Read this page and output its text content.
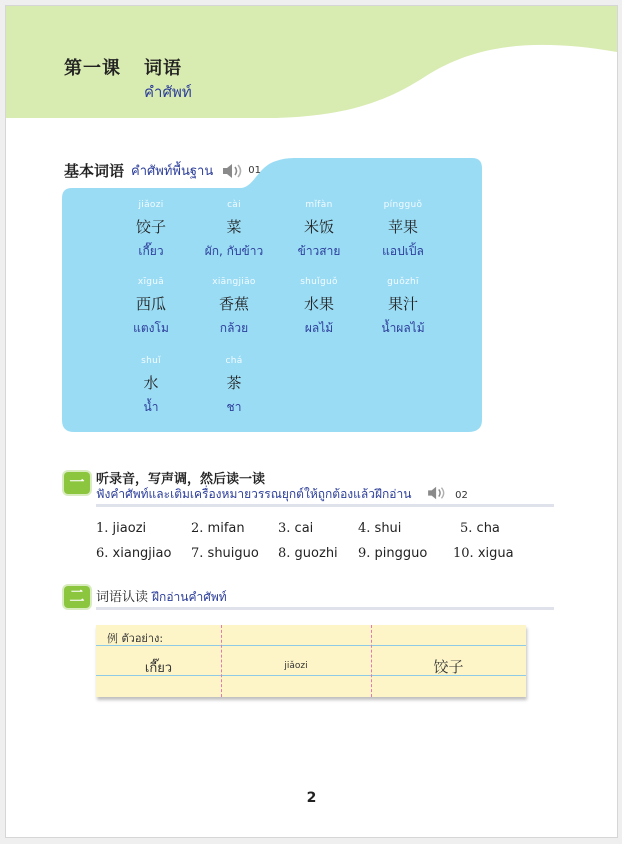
第一课 词语
คำศัพท์
基本词语 คำศัพท์พื้นฐาน	01
jiǎozi
饺子
เกี๊ยว
cài
菜
ผัก, กับข้าว
mǐfàn
米饭
ข้าวสาย
píngguǒ
苹果
แอปเปิ้ล
xīguā
西瓜
แตงโม
xiāngjiāo
香蕉
กล้วย
shuǐguǒ
水果
ผลไม้
guǒzhī
果汁
น้ำผลไม้
shuǐ
水
น้ำ
chá
茶
ชา
一 听录音，写声调，然后读一读
ฟังคำศัพท์และเติมเครื่องหมายวรรณยุกต์ให้ถูกต้องแล้วฝึกอ่าน	02
1. jiaozi	2. mifan	3. cai	4. shui	5. cha
6. xiangjiao 7. shuiguo 8. guozhi 9. pingguo 10. xigua
二 词语认读 ฝึกอ่านคำศัพท์
例 ตัวอย่าง:
เกี๊ยว	jiǎozi	饺子
2
